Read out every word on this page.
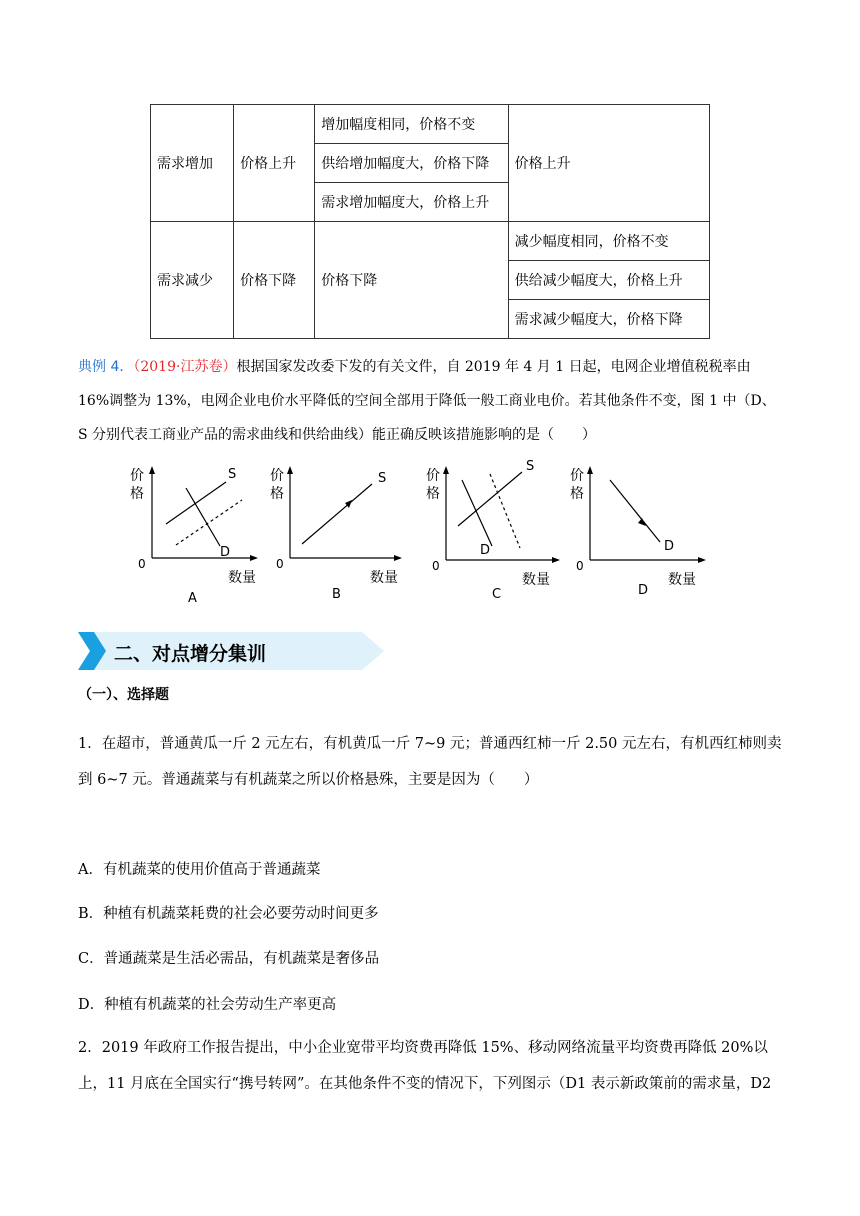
需求增加	价格上升	增加幅度相同，价格不变	价格上升
		供给增加幅度大，价格下降	
		需求增加幅度大，价格上升	
需求减少	价格下降	价格下降	减少幅度相同，价格不变
			供给减少幅度大，价格上升
			需求减少幅度大，价格下降
典例 4．（2019·江苏卷）根据国家发改委下发的有关文件，自 2019 年 4 月 1 日起，电网企业增值税税率由
16%调整为 13%，电网企业电价水平降低的空间全部用于降低一般工商业电价。若其他条件不变，图 1 中（D、
S 分别代表工商业产品的需求曲线和供给曲线）能正确反映该措施影响的是（　　）
价
格
0
数量
S
D
A
价
格
0
数量
S
B
价
格
0
数量
S
D
C
价
格
0
数量
D
D
二、对点增分集训
（一）、选择题
1．在超市，普通黄瓜一斤 2 元左右，有机黄瓜一斤 7~9 元；普通西红柿一斤 2.50 元左右，有机西红柿则卖
到 6~7 元。普通蔬菜与有机蔬菜之所以价格悬殊，主要是因为（　　）
A．有机蔬菜的使用价值高于普通蔬菜
B．种植有机蔬菜耗费的社会必要劳动时间更多
C．普通蔬菜是生活必需品，有机蔬菜是奢侈品
D．种植有机蔬菜的社会劳动生产率更高
2．2019 年政府工作报告提出，中小企业宽带平均资费再降低 15%、移动网络流量平均资费再降低 20%以
上，11 月底在全国实行“携号转网”。在其他条件不变的情况下，下列图示（D1 表示新政策前的需求量，D2
